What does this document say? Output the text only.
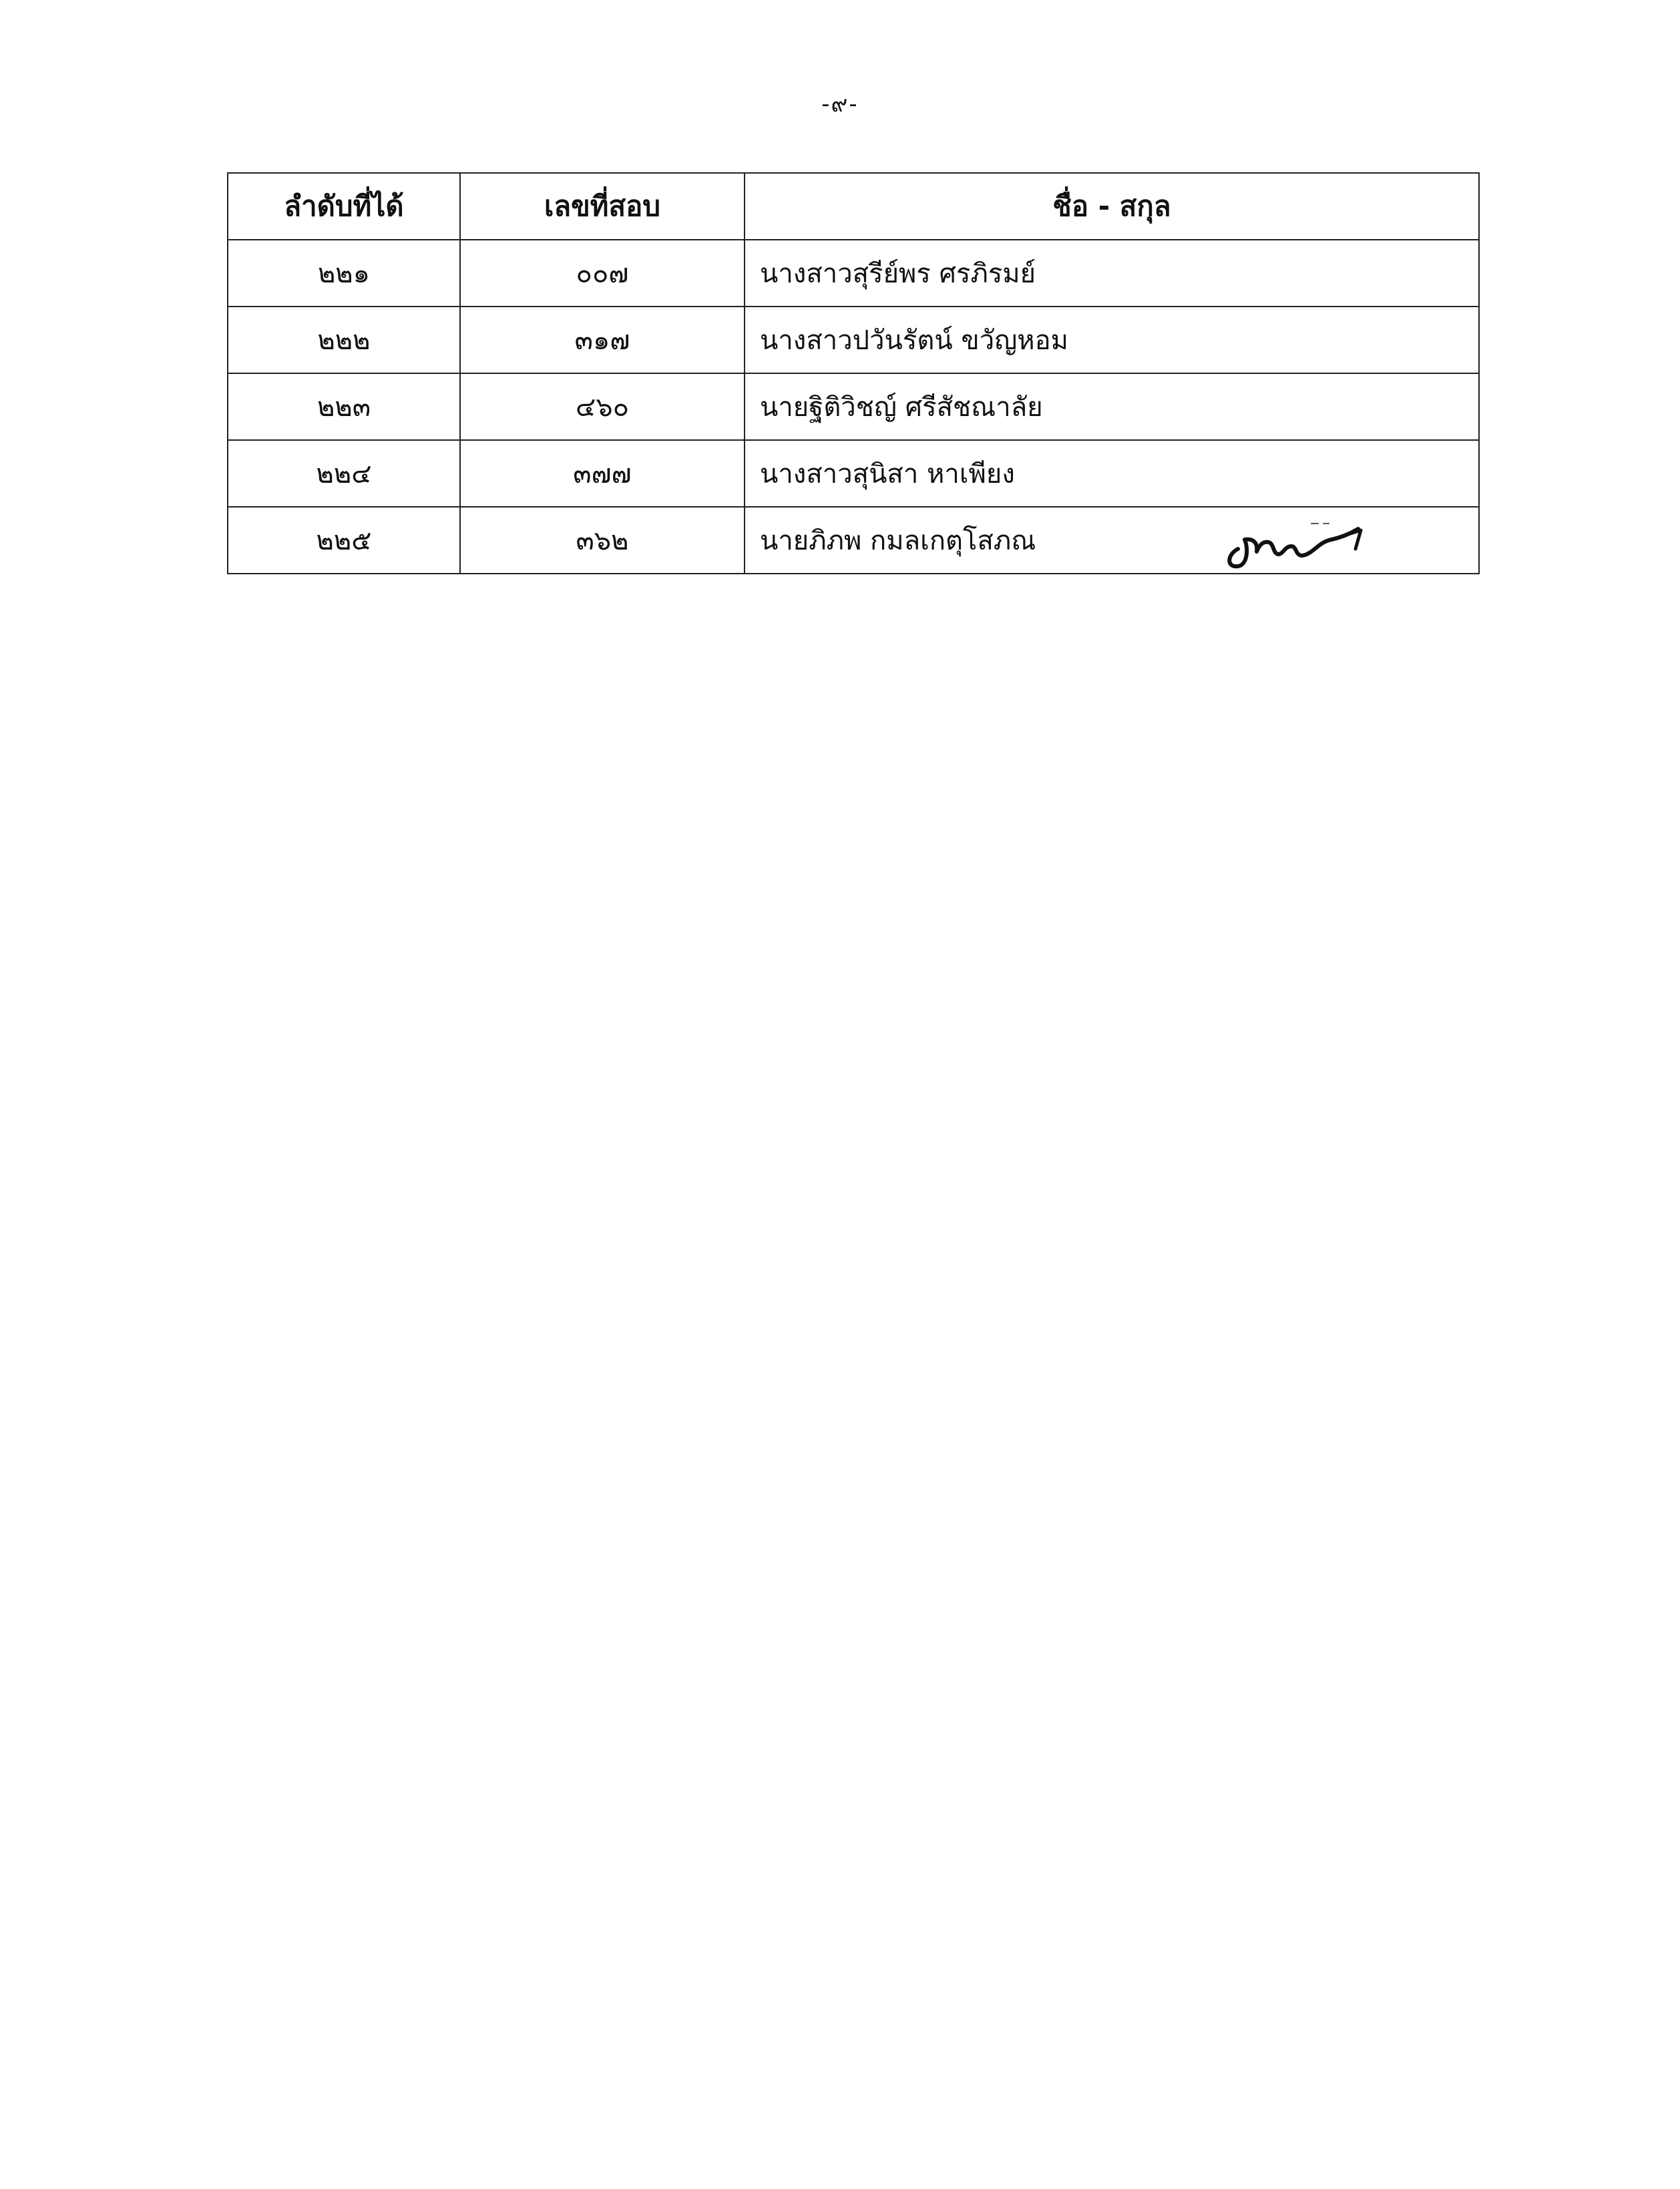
-๙-
ลำดับที่ได้	เลขที่สอบ	ชื่อ - สกุล
๒๒๑	๐๐๗	นางสาวสุรีย์พร ศรภิรมย์
๒๒๒	๓๑๗	นางสาวปวันรัตน์ ขวัญหอม
๒๒๓	๔๖๐	นายฐิติวิชญ์ ศรีสัชณาลัย
๒๒๔	๓๗๗	นางสาวสุนิสา หาเพียง
๒๒๕	๓๖๒	นายภิภพ กมลเกตุโสภณ
